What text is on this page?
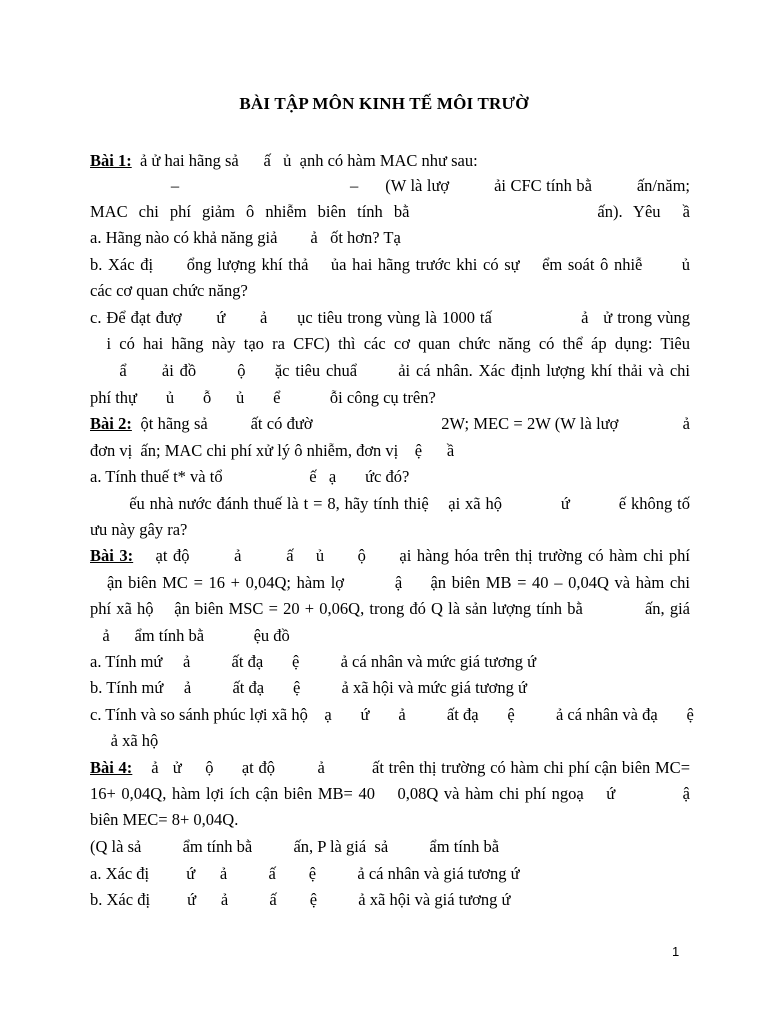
BÀI TẬP MÔN KINH TẾ MÔI TRƯỜ
Bài 1:  ả ử hai hãng sả      ấ   ủ  ạnh có hàm MAC như sau:
–                                      –      (W là lượ          ải CFC tính bằ          ấn/năm;
MAC chi phí giảm ô nhiễm biên tính bằ                 ấn). Yêu  ầ
a. Hãng nào có khả năng giả        ả   ốt hơn? Tạ
b. Xác đị      ổng lượng khí thả    ủa hai hãng trước khi có sự    ểm soát ô nhiễ       ủ
các cơ quan chức năng?
c. Để đạt đượ       ứ       ả      ục tiêu trong vùng là 1000 tấ                  ả   ử trong vùng
i có hai hãng này tạo ra CFC) thì các cơ quan chức năng có thể áp dụng: Tiêu
ẩ      ải đồ       ộ     ặc tiêu chuẩ       ải cá nhân. Xác định lượng khí thải và chi
phí thự       ủ       ỗ      ủ       ể            ỗi công cụ trên?
Bài 2:  ột hãng sả          ất có đườ                              2W; MEC = 2W (W là lượ               ả
đơn vị  ấn; MAC chi phí xử lý ô nhiễm, đơn vị    ệ      ầ
a. Tính thuế t* và tổ                     ế   ạ       ức đó?
ếu nhà nước đánh thuế là t = 8, hãy tính thiệ    ại xã hộ            ứ          ế không tố
ưu này gây ra?
Bài 3:    ạt độ        ả        ấ    ủ      ộ      ại hàng hóa trên thị trường có hàm chi phí
ận biên MC = 16 + 0,04Q; hàm lợ         ậ     ận biên MB = 40 – 0,04Q và hàm chi
phí xã hộ    ận biên MSC = 20 + 0,06Q, trong đó Q là sản lượng tính bằ            ấn, giá
ả      ẩm tính bằ            ệu đồ
a. Tính mứ     ả          ất đạ       ệ          ả cá nhân và mức giá tương ứ
b. Tính mứ     ả          ất đạ       ệ          ả xã hội và mức giá tương ứ
c. Tính và so sánh phúc lợi xã hộ    ạ       ứ       ả          ất đạ       ệ          ả cá nhân và đạ       ệ
ả xã hộ
Bài 4:    ả   ử     ộ      ạt độ         ả          ất trên thị trường có hàm chi phí cận biên MC=
16+ 0,04Q, hàm lợi ích cận biên MB= 40    0,08Q và hàm chi phí ngoạ    ứ            ậ
biên MEC= 8+ 0,04Q.
(Q là sả          ẩm tính bằ          ấn, P là giá  sả          ẩm tính bằ
a. Xác đị         ứ      ả          ấ        ệ          ả cá nhân và giá tương ứ
b. Xác đị         ứ      ả          ấ        ệ          ả xã hội và giá tương ứ
1
